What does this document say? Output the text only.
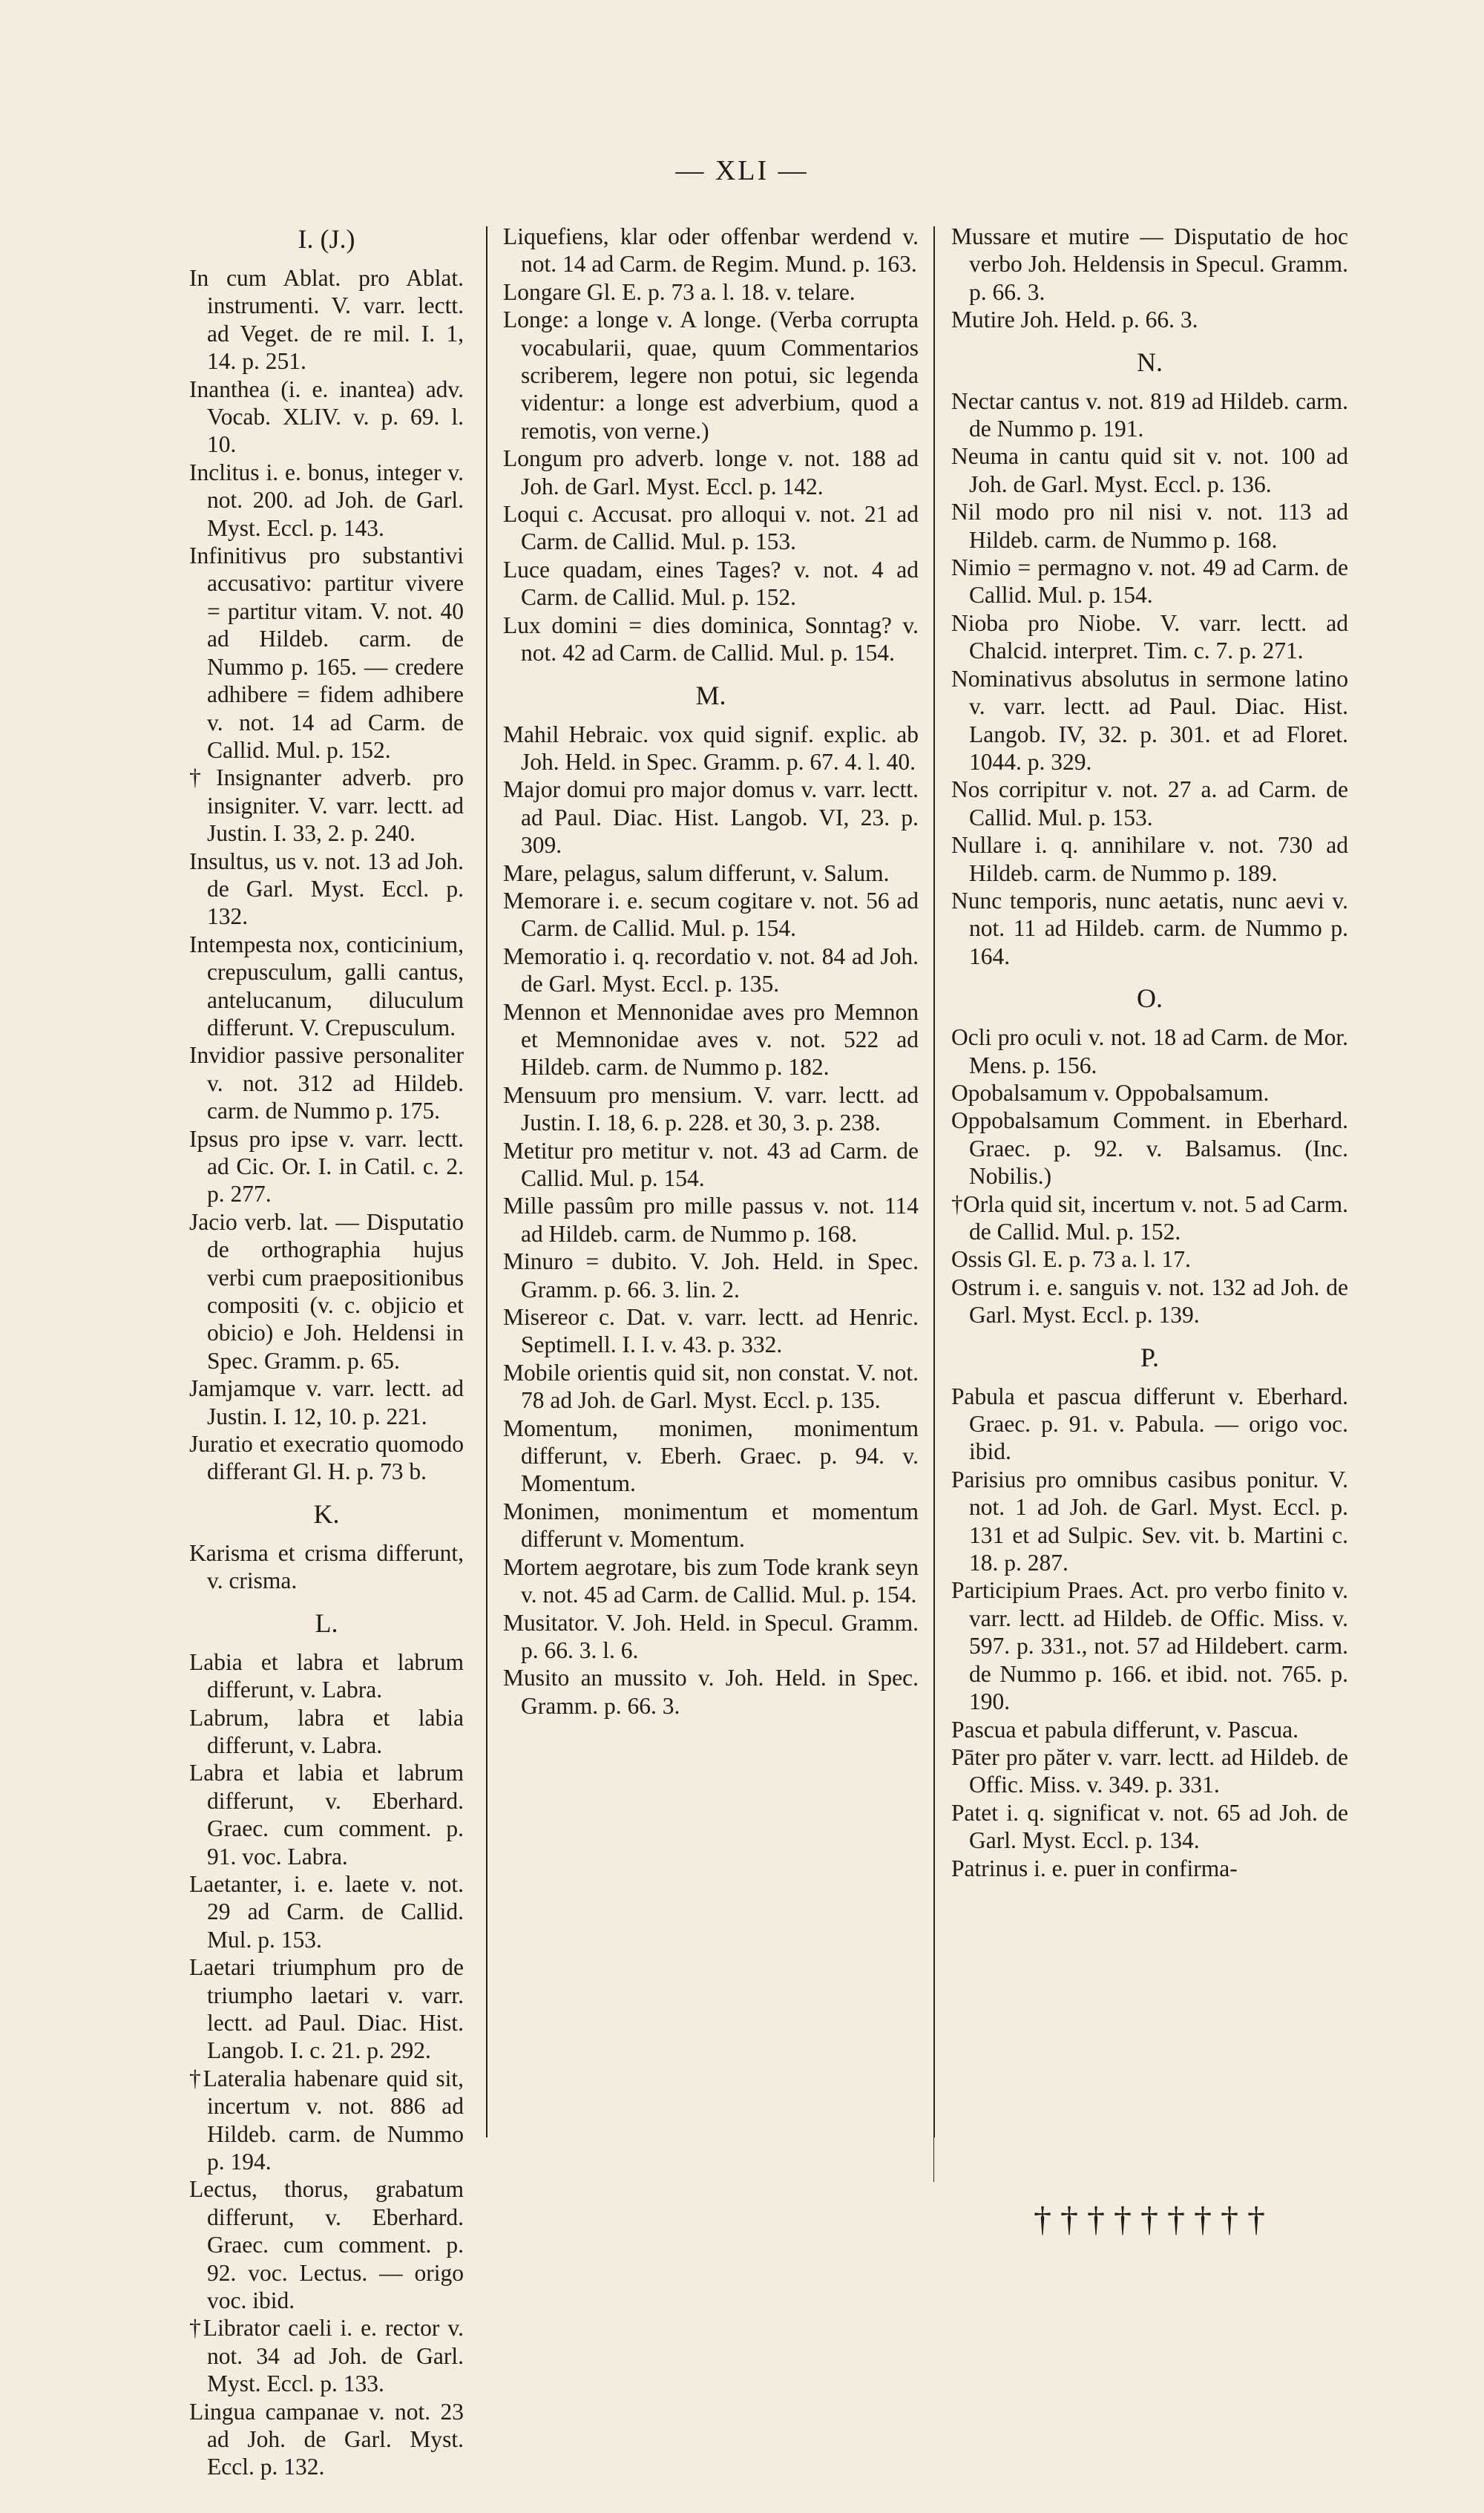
— XLI —
I. (J.)
In cum Ablat. pro Ablat. instrumenti. V. varr. lectt. ad Veget. de re mil. I. 1, 14. p. 251.
Inanthea (i. e. inantea) adv. Vocab. XLIV. v. p. 69. l. 10.
Inclitus i. e. bonus, integer v. not. 200. ad Joh. de Garl. Myst. Eccl. p. 143.
Infinitivus pro substantivi accusativo: partitur vivere = partitur vitam. V. not. 40 ad Hildeb. carm. de Nummo p. 165. — credere adhibere = fidem adhibere v. not. 14 ad Carm. de Callid. Mul. p. 152.
†Insignanter adverb. pro insigniter. V. varr. lectt. ad Justin. I. 33, 2. p. 240.
Insultus, us v. not. 13 ad Joh. de Garl. Myst. Eccl. p. 132.
Intempesta nox, conticinium, crepusculum, galli cantus, antelucanum, diluculum differunt. V. Crepusculum.
Invidior passive personaliter v. not. 312 ad Hildeb. carm. de Nummo p. 175.
Ipsus pro ipse v. varr. lectt. ad Cic. Or. I. in Catil. c. 2. p. 277.
Jacio verb. lat. — Disputatio de orthographia hujus verbi cum praepositionibus compositi (v. c. objicio et obicio) e Joh. Heldensi in Spec. Gramm. p. 65.
Jamjamque v. varr. lectt. ad Justin. I. 12, 10. p. 221.
Juratio et execratio quomodo differant Gl. H. p. 73 b.
K.
Karisma et crisma differunt, v. crisma.
L.
Labia et labra et labrum differunt, v. Labra.
Labrum, labra et labia differunt, v. Labra.
Labra et labia et labrum differunt, v. Eberhard. Graec. cum comment. p. 91. voc. Labra.
Laetanter, i. e. laete v. not. 29 ad Carm. de Callid. Mul. p. 153.
Laetari triumphum pro de triumpho laetari v. varr. lectt. ad Paul. Diac. Hist. Langob. I. c. 21. p. 292.
†Lateralia habenare quid sit, incertum v. not. 886 ad Hildeb. carm. de Nummo p. 194.
Lectus, thorus, grabatum differunt, v. Eberhard. Graec. cum comment. p. 92. voc. Lectus. — origo voc. ibid.
†Librator caeli i. e. rector v. not. 34 ad Joh. de Garl. Myst. Eccl. p. 133.
Lingua campanae v. not. 23 ad Joh. de Garl. Myst. Eccl. p. 132.
Liquefiens, klar oder offenbar werdend v. not. 14 ad Carm. de Regim. Mund. p. 163.
Longare Gl. E. p. 73 a. l. 18. v. telare.
Longe: a longe v. A longe. (Verba corrupta vocabularii, quae, quum Commentarios scriberem, legere non potui, sic legenda videntur: a longe est adverbium, quod a remotis, von verne.)
Longum pro adverb. longe v. not. 188 ad Joh. de Garl. Myst. Eccl. p. 142.
Loqui c. Accusat. pro alloqui v. not. 21 ad Carm. de Callid. Mul. p. 153.
Luce quadam, eines Tages? v. not. 4 ad Carm. de Callid. Mul. p. 152.
Lux domini = dies dominica, Sonntag? v. not. 42 ad Carm. de Callid. Mul. p. 154.
M.
Mahil Hebraic. vox quid signif. explic. ab Joh. Held. in Spec. Gramm. p. 67. 4. l. 40.
Major domui pro major domus v. varr. lectt. ad Paul. Diac. Hist. Langob. VI, 23. p. 309.
Mare, pelagus, salum differunt, v. Salum.
Memorare i. e. secum cogitare v. not. 56 ad Carm. de Callid. Mul. p. 154.
Memoratio i. q. recordatio v. not. 84 ad Joh. de Garl. Myst. Eccl. p. 135.
Mennon et Mennonidae aves pro Memnon et Memnonidae aves v. not. 522 ad Hildeb. carm. de Nummo p. 182.
Mensuum pro mensium. V. varr. lectt. ad Justin. I. 18, 6. p. 228. et 30, 3. p. 238.
Metitur pro metitur v. not. 43 ad Carm. de Callid. Mul. p. 154.
Mille passûm pro mille passus v. not. 114 ad Hildeb. carm. de Nummo p. 168.
Minuro = dubito. V. Joh. Held. in Spec. Gramm. p. 66. 3. lin. 2.
Misereor c. Dat. v. varr. lectt. ad Henric. Septimell. I. I. v. 43. p. 332.
Mobile orientis quid sit, non constat. V. not. 78 ad Joh. de Garl. Myst. Eccl. p. 135.
Momentum, monimen, monimentum differunt, v. Eberh. Graec. p. 94. v. Momentum.
Monimen, monimentum et momentum differunt v. Momentum.
Mortem aegrotare, bis zum Tode krank seyn v. not. 45 ad Carm. de Callid. Mul. p. 154.
Musitator. V. Joh. Held. in Specul. Gramm. p. 66. 3. l. 6.
Musito an mussito v. Joh. Held. in Spec. Gramm. p. 66. 3.
Mussare et mutire — Disputatio de hoc verbo Joh. Heldensis in Specul. Gramm. p. 66. 3.
Mutire Joh. Held. p. 66. 3.
N.
Nectar cantus v. not. 819 ad Hildeb. carm. de Nummo p. 191.
Neuma in cantu quid sit v. not. 100 ad Joh. de Garl. Myst. Eccl. p. 136.
Nil modo pro nil nisi v. not. 113 ad Hildeb. carm. de Nummo p. 168.
Nimio = permagno v. not. 49 ad Carm. de Callid. Mul. p. 154.
Nioba pro Niobe. V. varr. lectt. ad Chalcid. interpret. Tim. c. 7. p. 271.
Nominativus absolutus in sermone latino v. varr. lectt. ad Paul. Diac. Hist. Langob. IV, 32. p. 301. et ad Floret. 1044. p. 329.
Nos corripitur v. not. 27 a. ad Carm. de Callid. Mul. p. 153.
Nullare i. q. annihilare v. not. 730 ad Hildeb. carm. de Nummo p. 189.
Nunc temporis, nunc aetatis, nunc aevi v. not. 11 ad Hildeb. carm. de Nummo p. 164.
O.
Ocli pro oculi v. not. 18 ad Carm. de Mor. Mens. p. 156.
Opobalsamum v. Oppobalsamum.
Oppobalsamum Comment. in Eberhard. Graec. p. 92. v. Balsamus. (Inc. Nobilis.)
†Orla quid sit, incertum v. not. 5 ad Carm. de Callid. Mul. p. 152.
Ossis Gl. E. p. 73 a. l. 17.
Ostrum i. e. sanguis v. not. 132 ad Joh. de Garl. Myst. Eccl. p. 139.
P.
Pabula et pascua differunt v. Eberhard. Graec. p. 91. v. Pabula. — origo voc. ibid.
Parisius pro omnibus casibus ponitur. V. not. 1 ad Joh. de Garl. Myst. Eccl. p. 131 et ad Sulpic. Sev. vit. b. Martini c. 18. p. 287.
Participium Praes. Act. pro verbo finito v. varr. lectt. ad Hildeb. de Offic. Miss. v. 597. p. 331., not. 57 ad Hildebert. carm. de Nummo p. 166. et ibid. not. 765. p. 190.
Pascua et pabula differunt, v. Pascua.
Pāter pro păter v. varr. lectt. ad Hildeb. de Offic. Miss. v. 349. p. 331.
Patet i. q. significat v. not. 65 ad Joh. de Garl. Myst. Eccl. p. 134.
Patrinus i. e. puer in confirma-
†††††††††
